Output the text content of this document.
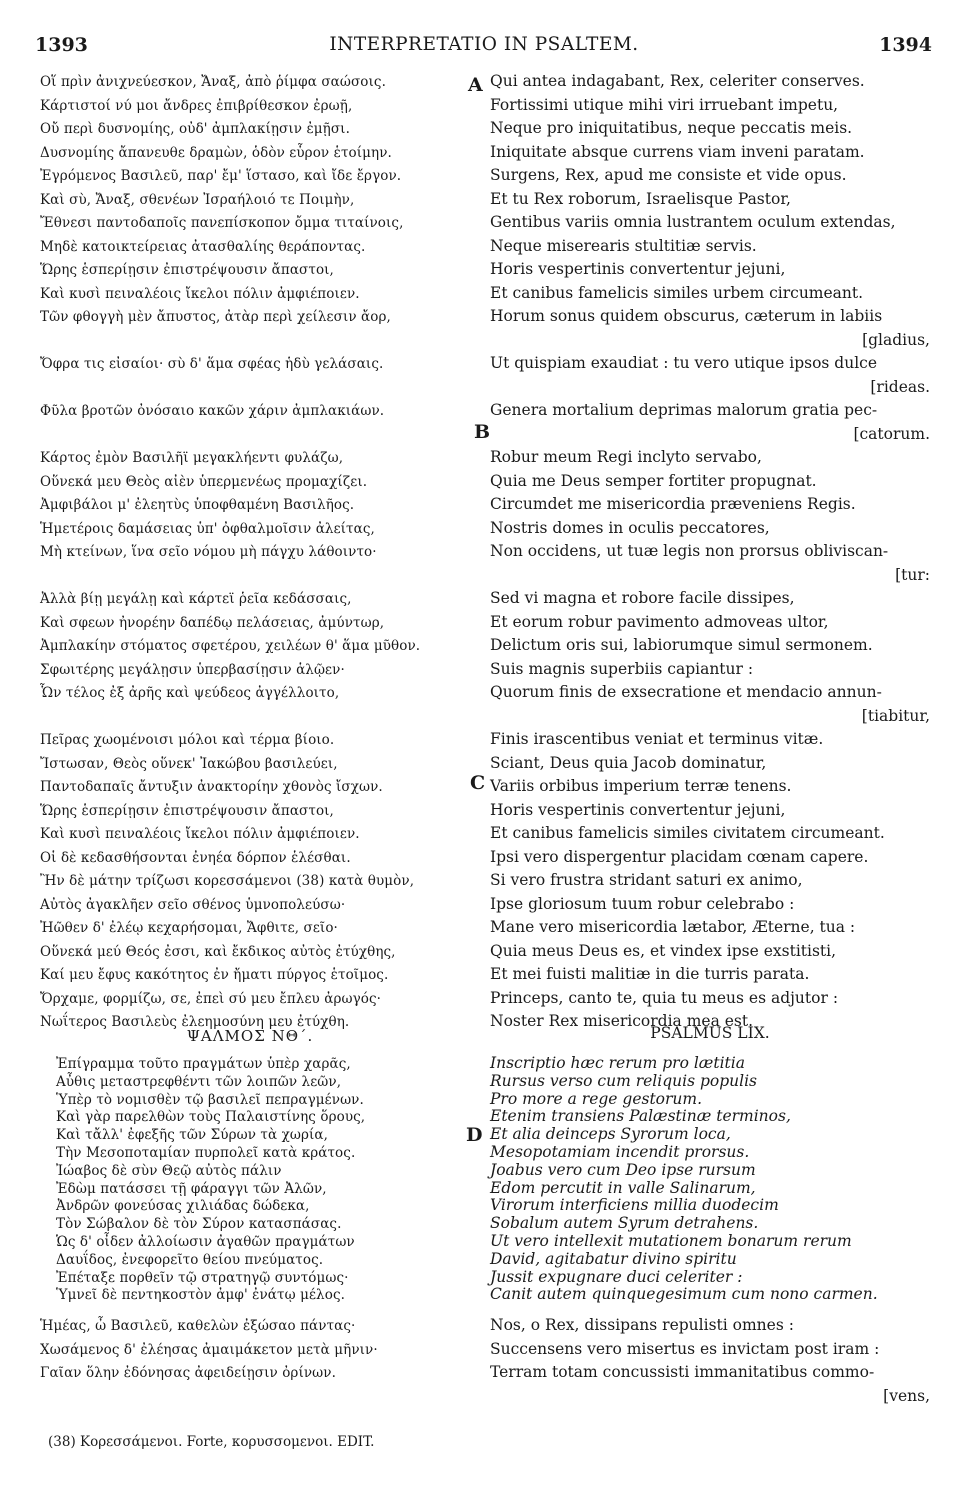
1393	INTERPRETATIO IN PSALTEM.	1394
Οἵ πρὶν ἀνιχνεύεσκον, Ἄναξ, ἀπὸ ῥίμφα σαώσοις.
Κάρτιστοί νύ μοι ἄνδρες ἐπιβρίθεσκον ἐρωῇ,
Οὔ περὶ δυσνομίης, οὐδ' ἀμπλακίῃσιν ἐμῇσι.
Δυσνομίης ἄπανευθε δραμὼν, ὁδὸν εὗρον ἑτοίμην.
Ἐγρόμενος Βασιλεῦ, παρ' ἔμ' ἵστασο, καὶ ἴδε ἔργον.
Καὶ σὺ, Ἄναξ, σθενέων Ἰσραήλοιό τε Ποιμὴν,
Ἔθνεσι παντοδαποῖς πανεπίσκοπον ὄμμα τιταίνοις,
Μηδὲ κατοικτείρειας ἀτασθαλίης θεράποντας.
Ὥρης ἑσπερίῃσιν ἐπιστρέψουσιν ἄπαστοι,
Καὶ κυσὶ πειναλέοις ἴκελοι πόλιν ἀμφιέποιεν.
Τῶν φθογγὴ μὲν ἄπυστος, ἀτὰρ περὶ χείλεσιν ἄορ,
Ὄφρα τις εἰσαίοι· σὺ δ' ἅμα σφέας ἡδὺ γελάσαις.
Φῦλα βροτῶν ὀνόσαιο κακῶν χάριν ἀμπλακιάων.
Κάρτος ἐμὸν Βασιλῆϊ μεγακλήεντι φυλάζω,
Οὕνεκά μευ Θεὸς αἰὲν ὑπερμενέως προμαχίζει.
Ἀμφιβάλοι μ' ἐλεητὺς ὑποφθαμένη Βασιλῆος.
Ἡμετέροις δαμάσειας ὑπ' ὀφθαλμοῖσιν ἀλείτας,
Μὴ κτείνων, ἵνα σεῖο νόμου μὴ πάγχυ λάθοιντο·
Ἀλλὰ βίῃ μεγάλῃ καὶ κάρτεϊ ῥεῖα κεδάσσαις,
Καὶ σφεων ἠνορέην δαπέδῳ πελάσειας, ἀμύντωρ,
Ἀμπλακίην στόματος σφετέρου, χειλέων θ' ἅμα μῦθον.
Σφωιτέρης μεγάλῃσιν ὑπερβασίῃσιν ἁλῷεν·
Ὧν τέλος ἐξ ἀρῆς καὶ ψεύδεος ἀγγέλλοιτο,
Πεῖρας χωομένοισι μόλοι καὶ τέρμα βίοιο.
Ἴστωσαν, Θεὸς οὕνεκ' Ἰακώβου βασιλεύει,
Παντοδαπαῖς ἄντυξιν ἀνακτορίην χθονὸς ἴσχων.
Ὥρης ἑσπερίῃσιν ἐπιστρέψουσιν ἄπαστοι,
Καὶ κυσὶ πειναλέοις ἴκελοι πόλιν ἀμφιέποιεν.
Οἱ δὲ κεδασθήσονται ἐνηέα δόρπον ἑλέσθαι.
Ἢν δὲ μάτην τρίζωσι κορεσσάμενοι (38) κατὰ θυμὸν,
Αὐτὸς ἀγακλῆεν σεῖο σθένος ὑμνοπολεύσω·
Ἠῶθεν δ' ἐλέῳ κεχαρήσομαι, Ἄφθιτε, σεῖο·
Οὕνεκά μεύ Θεός ἐσσι, καὶ ἔκδικος αὐτὸς ἐτύχθης,
Καί μευ ἔφυς κακότητος ἐν ἤματι πύργος ἑτοῖμος.
Ὄρχαμε, φορμίζω, σε, ἐπεὶ σύ μευ ἔπλευ ἀρωγός·
Νωΐτερος Βασιλεὺς ἐλεημοσύνη μευ ἐτύχθη.
Qui antea indagabant, Rex, celeriter conserves.
Fortissimi utique mihi viri irruebant impetu,
Neque pro iniquitatibus, neque peccatis meis.
Iniquitate absque currens viam inveni paratam.
Surgens, Rex, apud me consiste et vide opus.
Et tu Rex roborum, Israelisque Pastor,
Gentibus variis omnia lustrantem oculum extendas,
Neque miserearis stultitiæ servis.
Horis vespertinis convertentur jejuni,
Et canibus famelicis similes urbem circumeant.
Horum sonus quidem obscurus, cæterum in labiis
[gladius,
Ut quispiam exaudiat : tu vero utique ipsos dulce
[rideas.
Genera mortalium deprimas malorum gratia pec-
[catorum.
Robur meum Regi inclyto servabo,
Quia me Deus semper fortiter propugnat.
Circumdet me misericordia præveniens Regis.
Nostris domes in oculis peccatores,
Non occidens, ut tuæ legis non prorsus obliviscan-
[tur:
Sed vi magna et robore facile dissipes,
Et eorum robur pavimento admoveas ultor,
Delictum oris sui, labiorumque simul sermonem.
Suis magnis superbiis capiantur :
Quorum finis de exsecratione et mendacio annun-
[tiabitur,
Finis irascentibus veniat et terminus vitæ.
Sciant, Deus quia Jacob dominatur,
Variis orbibus imperium terræ tenens.
Horis vespertinis convertentur jejuni,
Et canibus famelicis similes civitatem circumeant.
Ipsi vero dispergentur placidam cœnam capere.
Si vero frustra stridant saturi ex animo,
Ipse gloriosum tuum robur celebrabo :
Mane vero misericordia lætabor, Æterne, tua :
Quia meus Deus es, et vindex ipse exstitisti,
Et mei fuisti malitiæ in die turris parata.
Princeps, canto te, quia tu meus es adjutor :
Noster Rex misericordia mea est.
ΨΑΛΜΟΣ ΝΘ΄.	PSALMUS LIX.
Ἐπίγραμμα τοῦτο πραγμάτων ὑπὲρ χαρᾶς,
Αὖθις μεταστρεφθέντι τῶν λοιπῶν λεῶν,
Ὑπὲρ τὸ νομισθὲν τῷ βασιλεῖ πεπραγμένων.
Καὶ γὰρ παρελθὼν τοὺς Παλαιστίνης ὅρους,
Καὶ τἄλλ' ἐφεξῆς τῶν Σύρων τὰ χωρία,
Τὴν Μεσοποταμίαν πυρπολεῖ κατὰ κράτος.
Ἰώαβος δὲ σὺν Θεῷ αὐτὸς πάλιν
Ἐδὼμ πατάσσει τῇ φάραγγι τῶν Ἀλῶν,
Ἀνδρῶν φονεύσας χιλιάδας δώδεκα,
Τὸν Σώβαλον δὲ τὸν Σύρον κατασπάσας.
Ὡς δ' οἶδεν ἀλλοίωσιν ἀγαθῶν πραγμάτων
Δαυΐδος, ἐνεφορεῖτο θείου πνεύματος.
Ἐπέταξε πορθεῖν τῷ στρατηγῷ συντόμως·
Ὑμνεῖ δὲ πεντηκοστὸν ἀμφ' ἐνάτῳ μέλος.
Inscriptio hæc rerum pro lætitia
Rursus verso cum reliquis populis
Pro more a rege gestorum.
Etenim transiens Palæstinæ terminos,
Et alia deinceps Syrorum loca,
Mesopotamiam incendit prorsus.
Joabus vero cum Deo ipse rursum
Edom percutit in valle Salinarum,
Virorum interficiens millia duodecim
Sobalum autem Syrum detrahens.
Ut vero intellexit mutationem bonarum rerum
David, agitabatur divino spiritu
Jussit expugnare duci celeriter :
Canit autem quinquegesimum cum nono carmen.
Ἡμέας, ὦ Βασιλεῦ, καθελὼν ἐξώσαο πάντας·
Χωσάμενος δ' ἐλέησας ἀμαιμάκετον μετὰ μῆνιν·
Γαῖαν ὅλην ἐδόνησας ἀφειδείῃσιν ὀρίνων.
Nos, o Rex, dissipans repulisti omnes :
Succensens vero misertus es invictam post iram :
Terram totam concussisti immanitatibus commo-
[vens,
A
B
C
D
(38) Κορεσσάμενοι. Forte, κορυσσομενοι. EDIT.
